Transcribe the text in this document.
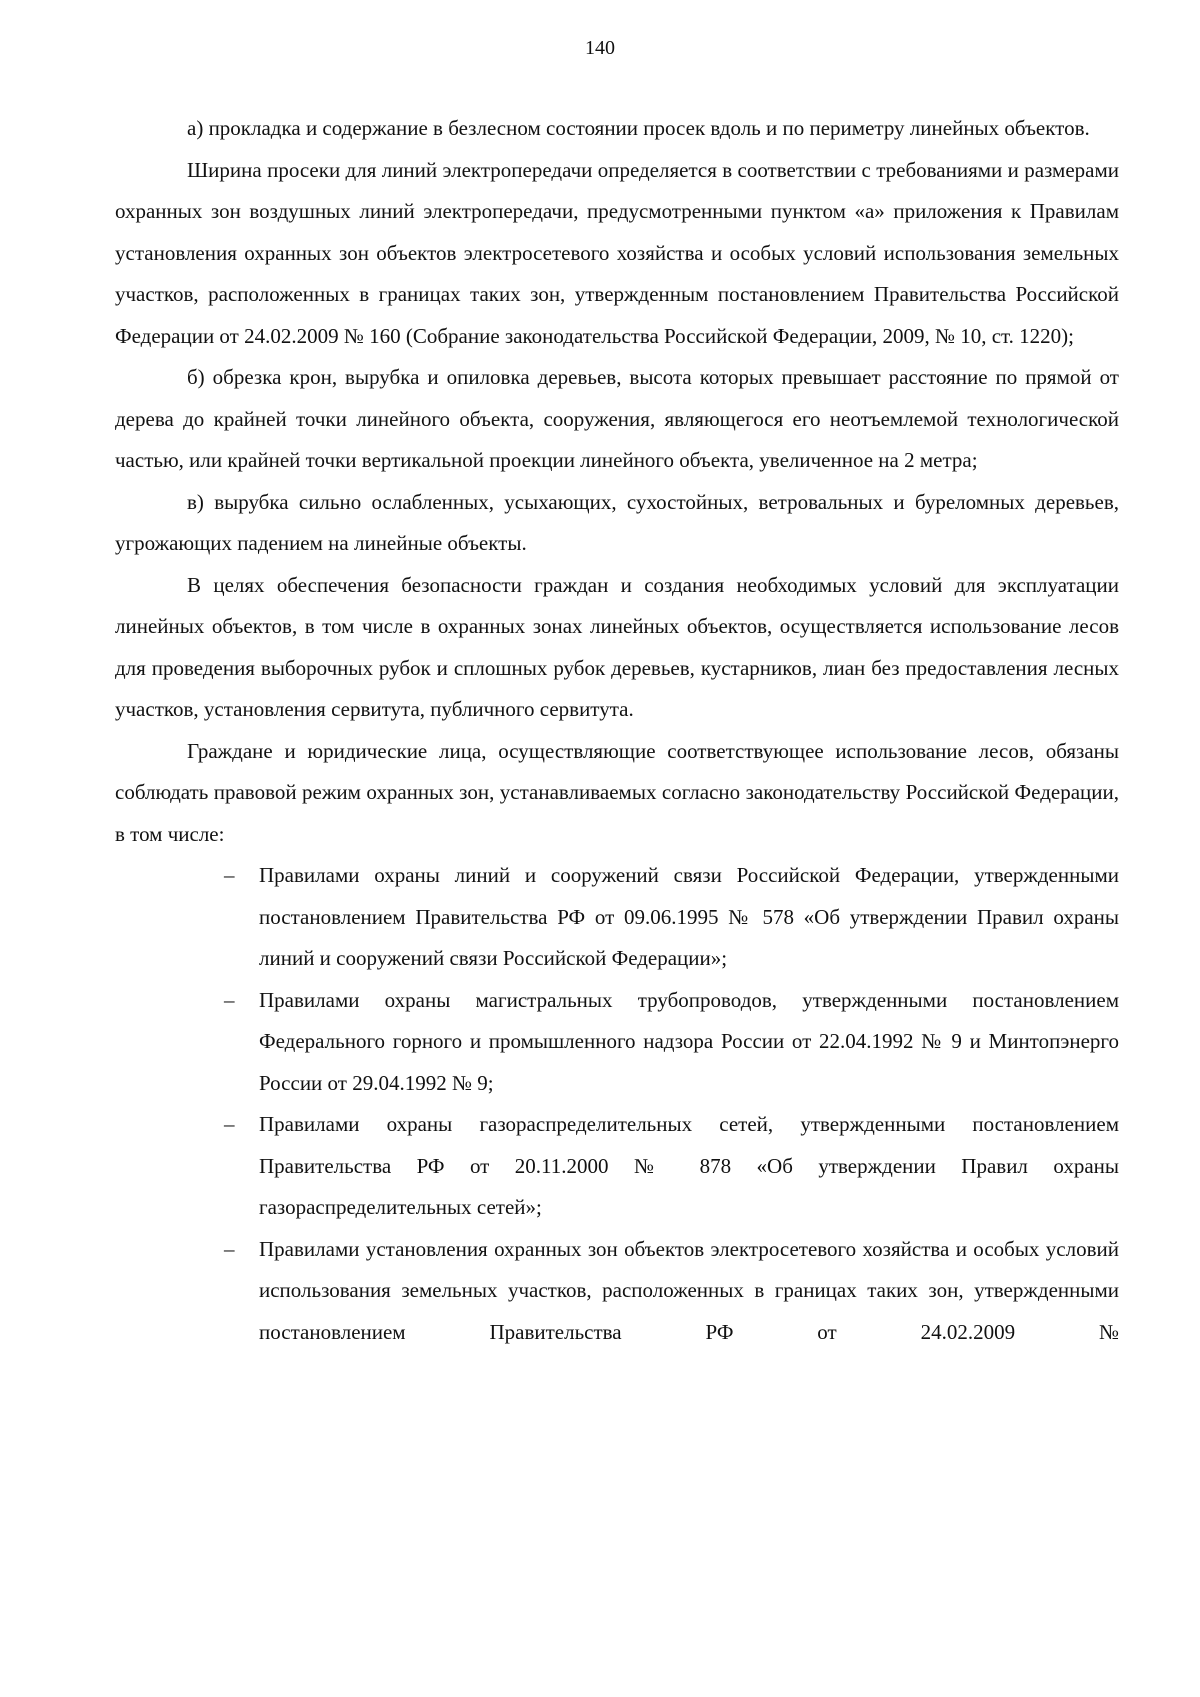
140

а) прокладка и содержание в безлесном состоянии просек вдоль и по периметру линейных объектов.

Ширина просеки для линий электропередачи определяется в соответствии с требованиями и размерами охранных зон воздушных линий электропередачи, предусмотренными пунктом «а» приложения к Правилам установления охранных зон объектов электросетевого хозяйства и особых условий использования земельных участков, расположенных в границах таких зон, утвержденным постановлением Правительства Российской Федерации от 24.02.2009 № 160 (Собрание законодательства Российской Федерации, 2009, № 10, ст. 1220);

б) обрезка крон, вырубка и опиловка деревьев, высота которых превышает расстояние по прямой от дерева до крайней точки линейного объекта, сооружения, являющегося его неотъемлемой технологической частью, или крайней точки вертикальной проекции линейного объекта, увеличенное на 2 метра;

в) вырубка сильно ослабленных, усыхающих, сухостойных, ветровальных и буреломных деревьев, угрожающих падением на линейные объекты.

В целях обеспечения безопасности граждан и создания необходимых условий для эксплуатации линейных объектов, в том числе в охранных зонах линейных объектов, осуществляется использование лесов для проведения выборочных рубок и сплошных рубок деревьев, кустарников, лиан без предоставления лесных участков, установления сервитута, публичного сервитута.

Граждане и юридические лица, осуществляющие соответствующее использование лесов, обязаны соблюдать правовой режим охранных зон, устанавливаемых согласно законодательству Российской Федерации, в том числе:

– Правилами охраны линий и сооружений связи Российской Федерации, утвержденными постановлением Правительства РФ от 09.06.1995 № 578 «Об утверждении Правил охраны линий и сооружений связи Российской Федерации»;
– Правилами охраны магистральных трубопроводов, утвержденными постановлением Федерального горного и промышленного надзора России от 22.04.1992 № 9 и Минтопэнерго России от 29.04.1992 № 9;
– Правилами охраны газораспределительных сетей, утвержденными постановлением Правительства РФ от 20.11.2000 № 878 «Об утверждении Правил охраны газораспределительных сетей»;
– Правилами установления охранных зон объектов электросетевого хозяйства и особых условий использования земельных участков, расположенных в границах таких зон, утвержденными постановлением Правительства РФ от 24.02.2009 №
